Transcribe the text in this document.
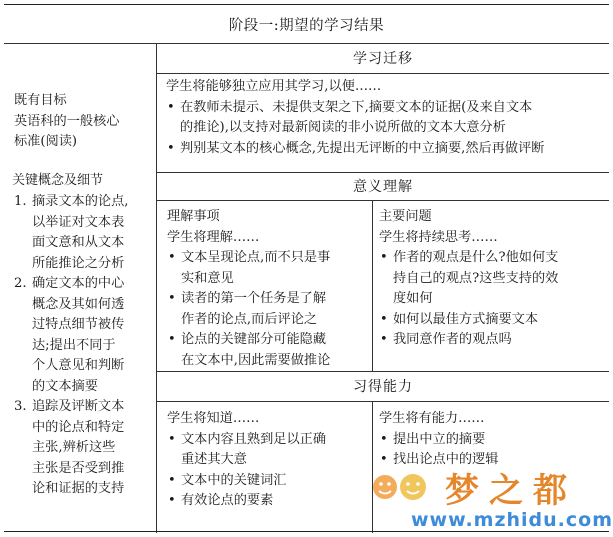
阶段一:期望的学习结果
既有目标
英语科的一般核心
标准(阅读)
关键概念及细节
1. 摘录文本的论点,
以举证对文本表
面文意和从文本
所能推论之分析
2. 确定文本的中心
概念及其如何透
过特点细节被传
达;提出不同于
个人意见和判断
的文本摘要
3. 追踪及评断文本
中的论点和特定
主张,辨析这些
主张是否受到推
论和证据的支持
学习迁移
学生将能够独立应用其学习,以便……
• 在教师未提示、未提供支架之下,摘要文本的证据(及来自文本
的推论),以支持对最新阅读的非小说所做的文本大意分析
• 判别某文本的核心概念,先提出无评断的中立摘要,然后再做评断
意义理解
理解事项
学生将理解……
• 文本呈现论点,而不只是事
实和意见
• 读者的第一个任务是了解
作者的论点,而后评论之
• 论点的关键部分可能隐藏
在文本中,因此需要做推论
主要问题
学生将持续思考……
• 作者的观点是什么?他如何支
持自己的观点?这些支持的效
度如何
• 如何以最佳方式摘要文本
• 我同意作者的观点吗
习得能力
学生将知道……
• 文本内容且熟到足以正确
重述其大意
• 文本中的关键词汇
• 有效论点的要素
学生将有能力……
• 提出中立的摘要
• 找出论点中的逻辑
梦之都
www.mzhidu.com
